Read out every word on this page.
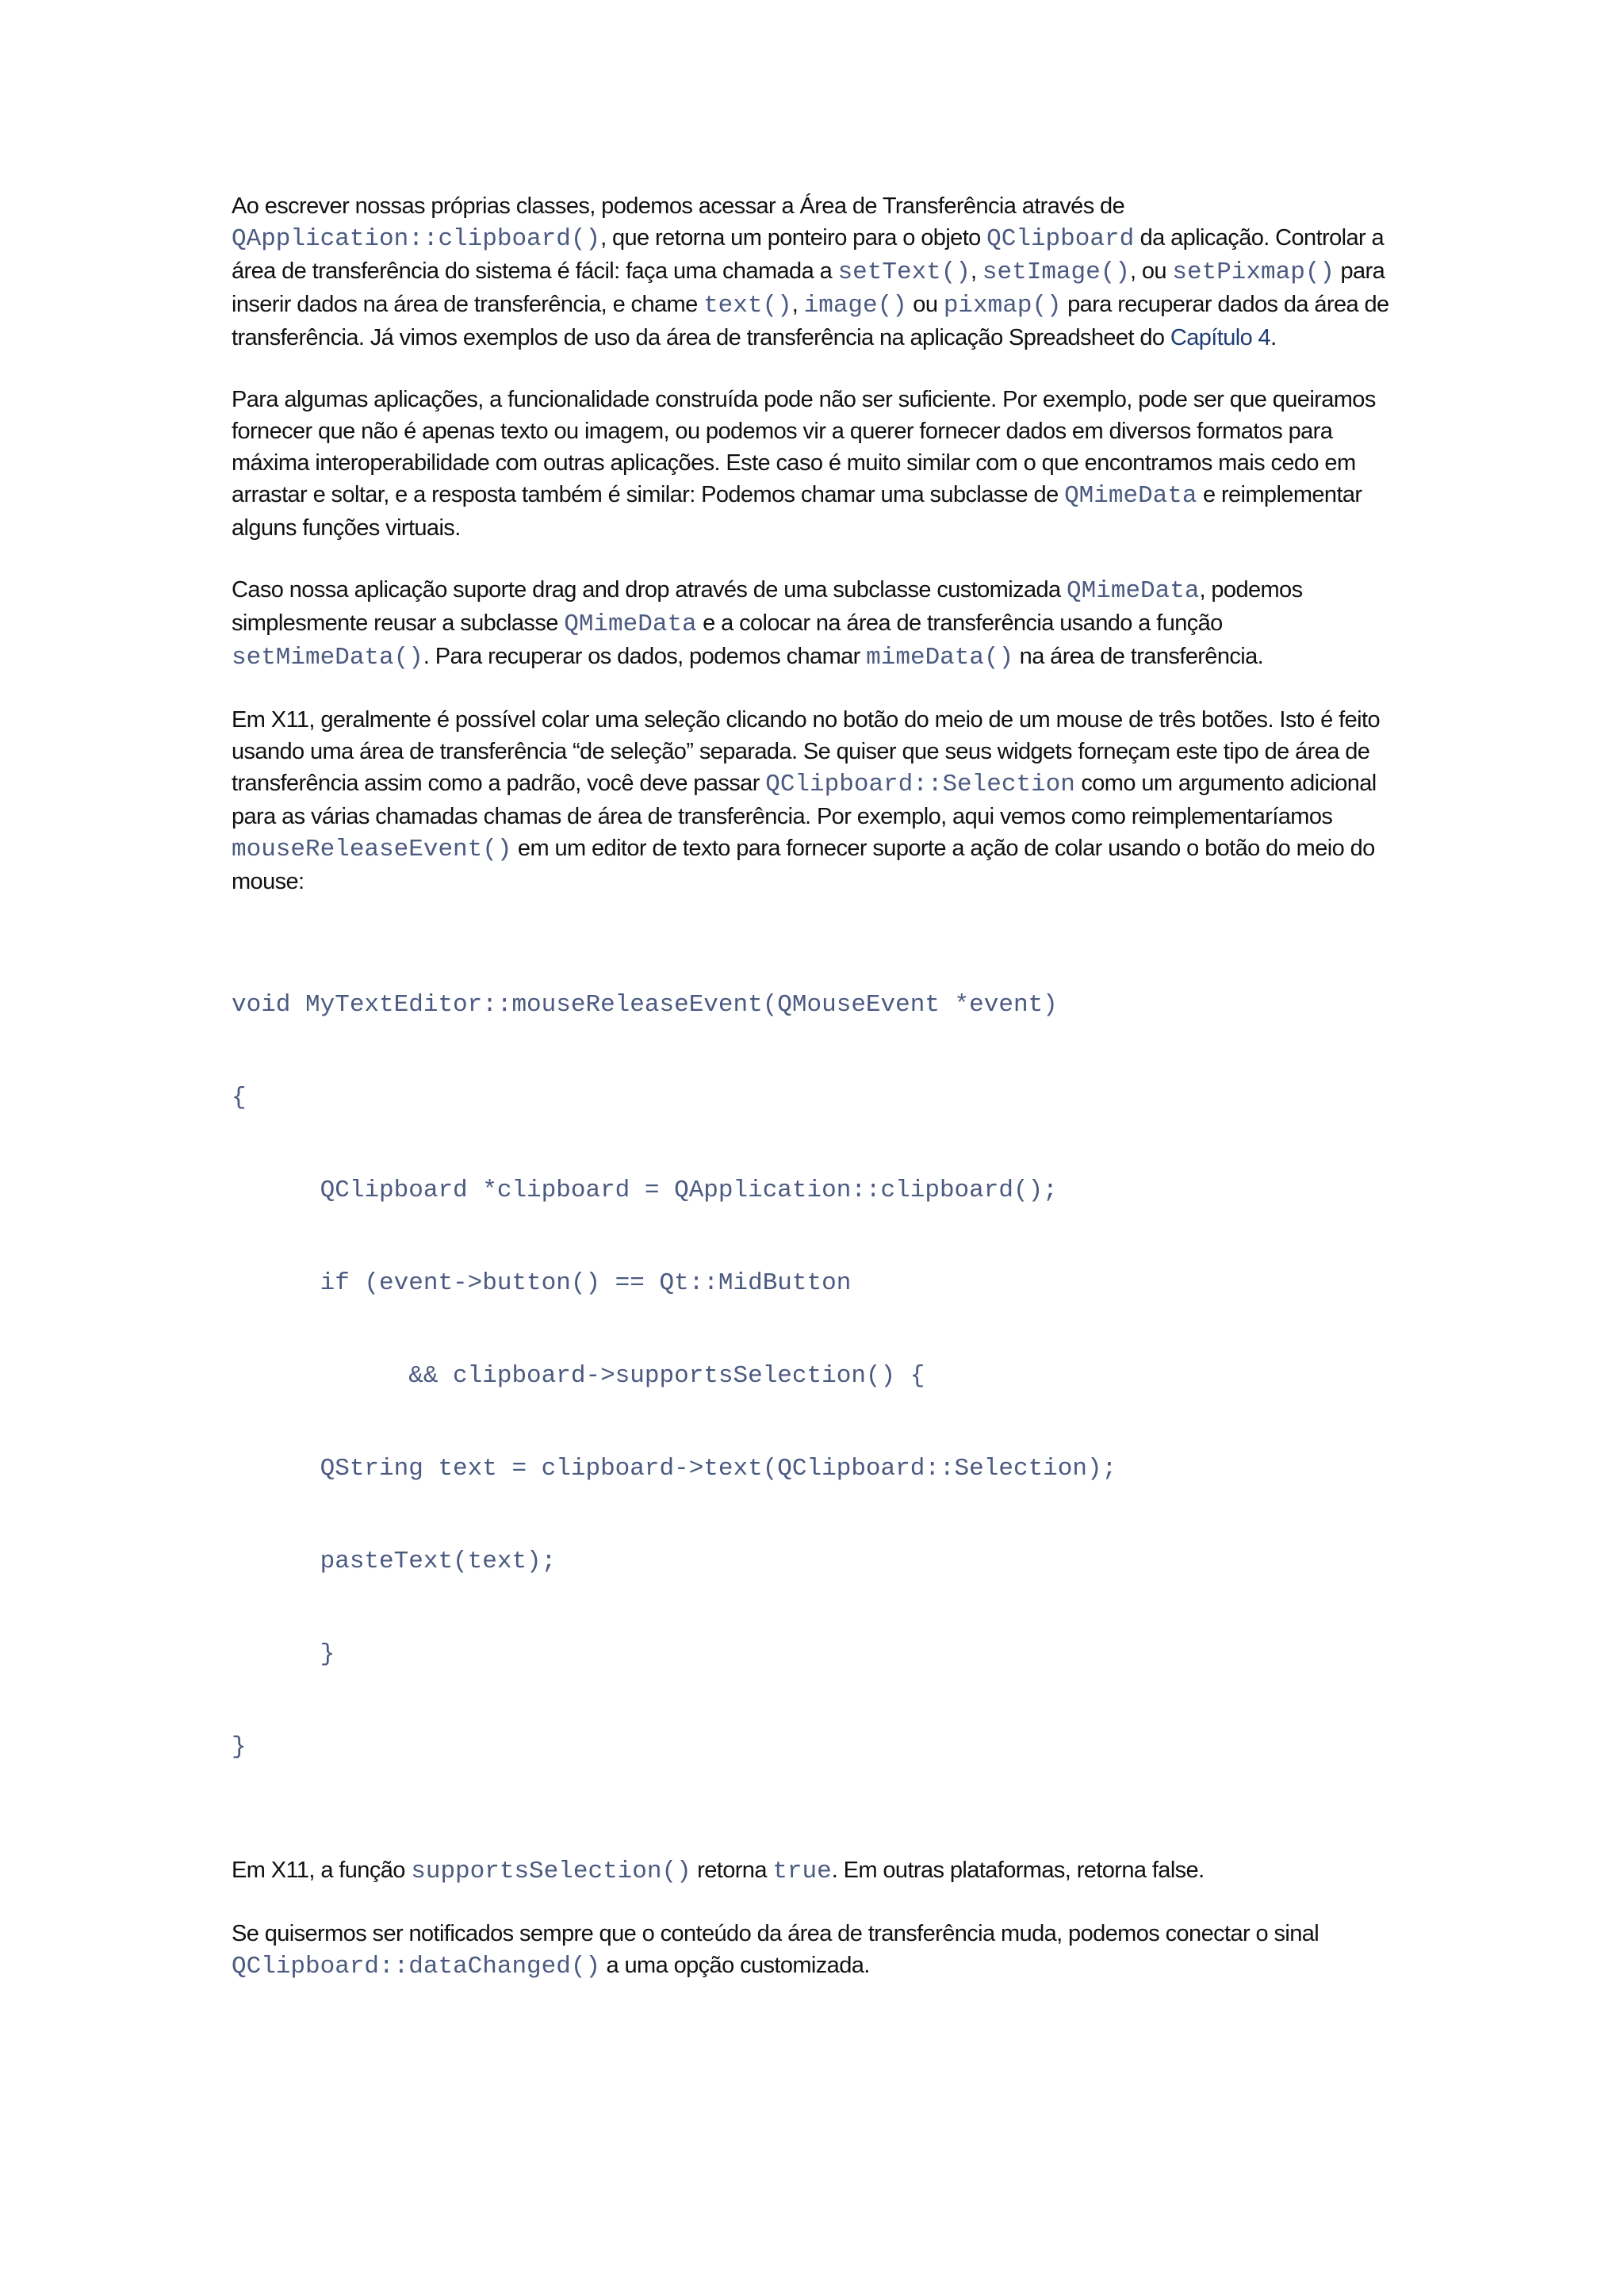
Ao escrever nossas próprias classes, podemos acessar a Área de Transferência através de QApplication::clipboard(), que retorna um ponteiro para o objeto QClipboard da aplicação. Controlar a área de transferência do sistema é fácil: faça uma chamada a setText(), setImage(), ou setPixmap() para inserir dados na área de transferência, e chame text(), image() ou pixmap() para recuperar dados da área de transferência. Já vimos exemplos de uso da área de transferência na aplicação Spreadsheet do Capítulo 4.

Para algumas aplicações, a funcionalidade construída pode não ser suficiente. Por exemplo, pode ser que queiramos fornecer que não é apenas texto ou imagem, ou podemos vir a querer fornecer dados em diversos formatos para máxima interoperabilidade com outras aplicações. Este caso é muito similar com o que encontramos mais cedo em arrastar e soltar, e a resposta também é similar: Podemos chamar uma subclasse de QMimeData e reimplementar alguns funções virtuais.

Caso nossa aplicação suporte drag and drop através de uma subclasse customizada QMimeData, podemos simplesmente reusar a subclasse QMimeData e a colocar na área de transferência usando a função setMimeData(). Para recuperar os dados, podemos chamar mimeData() na área de transferência.

Em X11, geralmente é possível colar uma seleção clicando no botão do meio de um mouse de três botões. Isto é feito usando uma área de transferência “de seleção” separada. Se quiser que seus widgets forneçam este tipo de área de transferência assim como a padrão, você deve passar QClipboard::Selection como um argumento adicional para as várias chamadas chamas de área de transferência. Por exemplo, aqui vemos como reimplementaríamos mouseReleaseEvent() em um editor de texto para fornecer suporte a ação de colar usando o botão do meio do mouse:

void MyTextEditor::mouseReleaseEvent(QMouseEvent *event)

{

QClipboard *clipboard = QApplication::clipboard();

if (event->button() == Qt::MidButton

&& clipboard->supportsSelection() {

QString text = clipboard->text(QClipboard::Selection);

pasteText(text);

}

}

Em X11, a função supportsSelection() retorna true. Em outras plataformas, retorna false.

Se quisermos ser notificados sempre que o conteúdo da área de transferência muda, podemos conectar o sinal QClipboard::dataChanged() a uma opção customizada.
